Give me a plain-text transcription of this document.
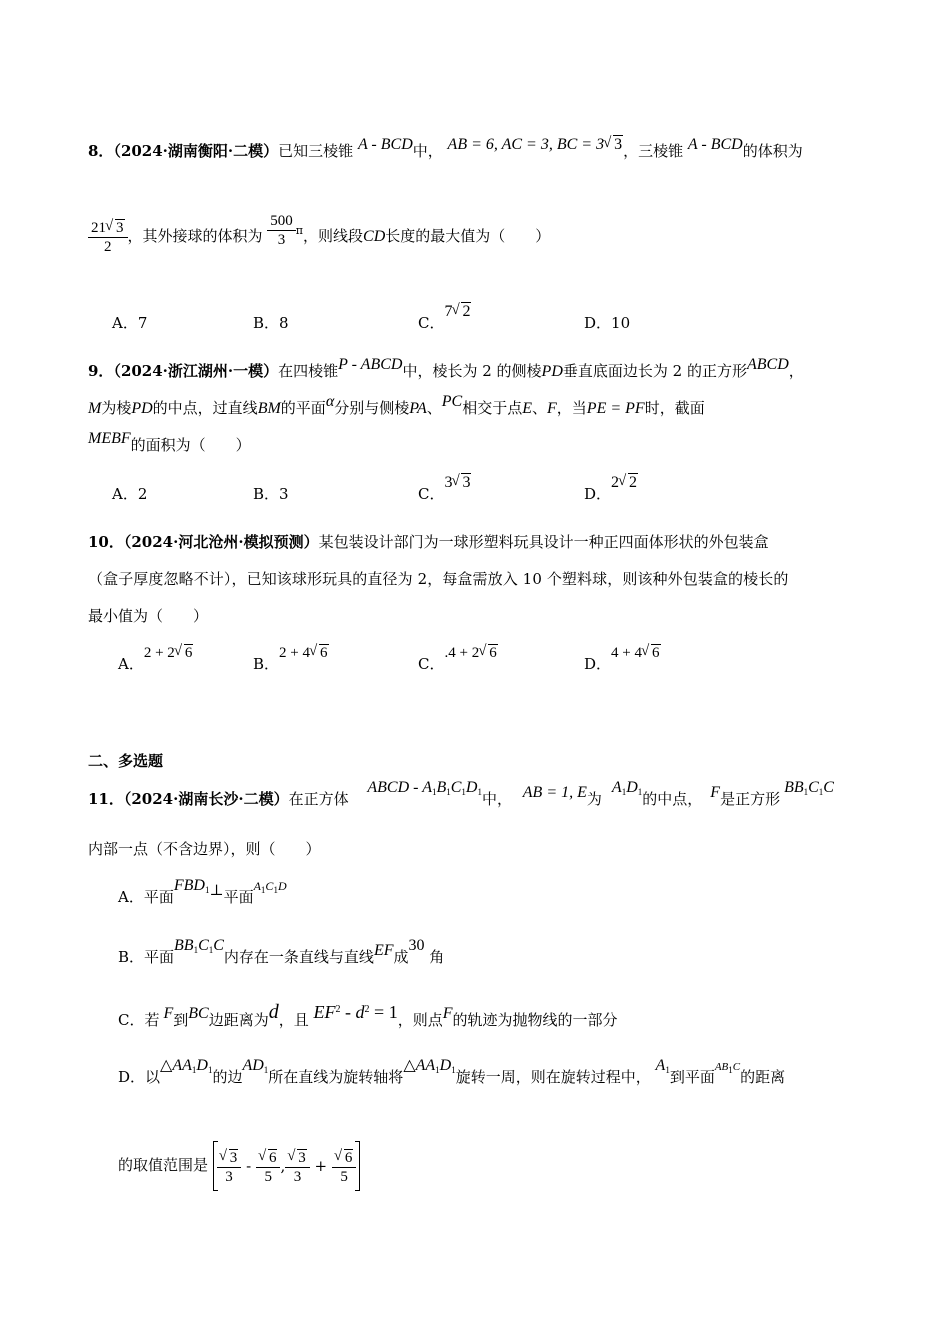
8．（2024·湖南衡阳·二模）已知三棱锥 A - BCD中， AB = 6, AC = 3, BC = 3 √ 3，三棱锥 A - BCD的体积为
$\frac{21 √ 3}{2}$ ，其外接球的体积为 $\frac{500}{3} ^\pi$，则线段CD长度的最大值为（　　）
A．7	B．8	C．7 √ 2
D．10
9．（2024·浙江湖州·一模）在四棱锥P - ABCD中，棱长为 2 的侧棱PD垂直底面边长为 2 的正方形ABCD，
M为棱PD的中点，过直线BM的平面α分别与侧棱PA、PC相交于点E、F，当PE = PF时，截面
MEBF的面积为（　　）
A．2	B．3	C．3 √ 3
D．2 √ 2
10．（2024·河北沧州·模拟预测）某包装设计部门为一球形塑料玩具设计一种正四面体形状的外包装盒
（盒子厚度忽略不计），已知该球形玩具的直径为 2，每盒需放入 10 个塑料球，则该种外包装盒的棱长的
最小值为（　　）
A．2 + 2 √ 6
B．2 + 4 √ 6
C．.4 + 2 √ 6
D．4 + 4 √ 6
二、多选题
11．（2024·湖南长沙·二模）在正方体 ABCD - $A_1B_1C_1D_1$中， AB = 1, E为$A_1D_1$的中点， F是正方形$BB_1C_1C$
内部一点（不含边界），则（　　）
A．平面$FBD_1\perp$平面$^{A_1C_1D}$
B．平面$BB_1C_1C$内存在一条直线与直线EF成30 角
C．若 F到BC边距离为d，且 $EF^2 - d^2 = 1$，则点F的轨迹为抛物线的一部分
D．以$\triangle AA_1D_1$的边$AD_1$所在直线为旋转轴将$\triangle AA_1D_1$旋转一周，则在旋转过程中， $A_1$到平面$^{AB_1C}$的距离
的取值范围是 √ $\frac{3}{3}$ - √ $\frac{6}{5}$ , √ $\frac{3}{3}$ + √ $\frac{6}{5}$
